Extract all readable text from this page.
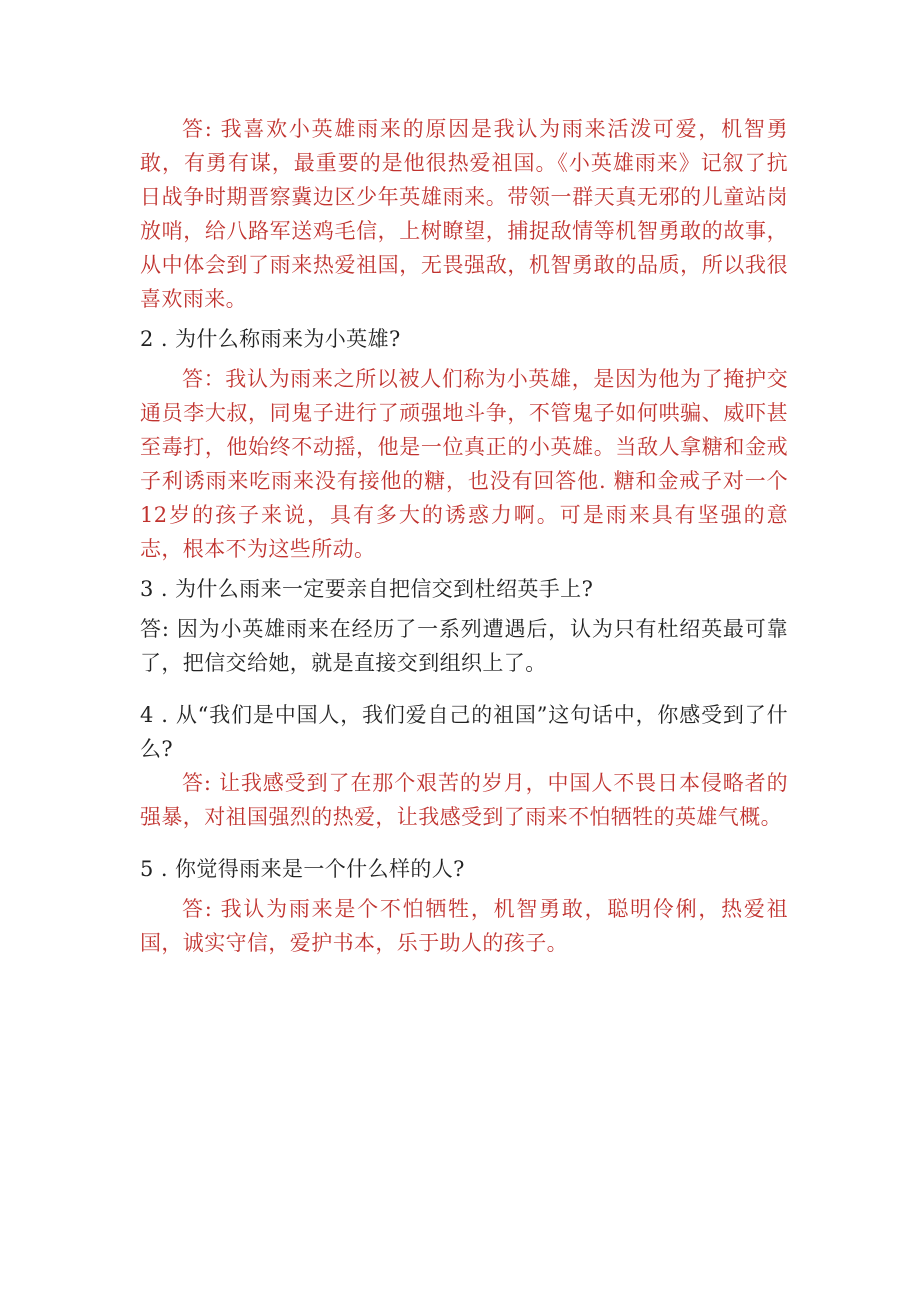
答: 我喜欢小英雄雨来的原因是我认为雨来活泼可爱，机智勇敢，有勇有谋，最重要的是他很热爱祖国。《小英雄雨来》记叙了抗日战争时期晋察冀边区少年英雄雨来。带领一群天真无邪的儿童站岗放哨，给八路军送鸡毛信，上树瞭望，捕捉敌情等机智勇敢的故事，从中体会到了雨来热爱祖国，无畏强敌，机智勇敢的品质，所以我很喜欢雨来。

2 . 为什么称雨来为小英雄?

答：我认为雨来之所以被人们称为小英雄，是因为他为了掩护交通员李大叔，同鬼子进行了顽强地斗争，不管鬼子如何哄骗、威吓甚至毒打，他始终不动摇，他是一位真正的小英雄。当敌人拿糖和金戒子利诱雨来吃雨来没有接他的糖，也没有回答他. 糖和金戒子对一个12岁的孩子来说，具有多大的诱惑力啊。可是雨来具有坚强的意志，根本不为这些所动。

3 . 为什么雨来一定要亲自把信交到杜绍英手上?

答: 因为小英雄雨来在经历了一系列遭遇后，认为只有杜绍英最可靠了，把信交给她，就是直接交到组织上了。

4 . 从“我们是中国人，我们爱自己的祖国”这句话中，你感受到了什么?

答: 让我感受到了在那个艰苦的岁月，中国人不畏日本侵略者的强暴，对祖国强烈的热爱，让我感受到了雨来不怕牺牲的英雄气概。

5 . 你觉得雨来是一个什么样的人?

答: 我认为雨来是个不怕牺牲，机智勇敢，聪明伶俐，热爱祖国，诚实守信，爱护书本，乐于助人的孩子。
